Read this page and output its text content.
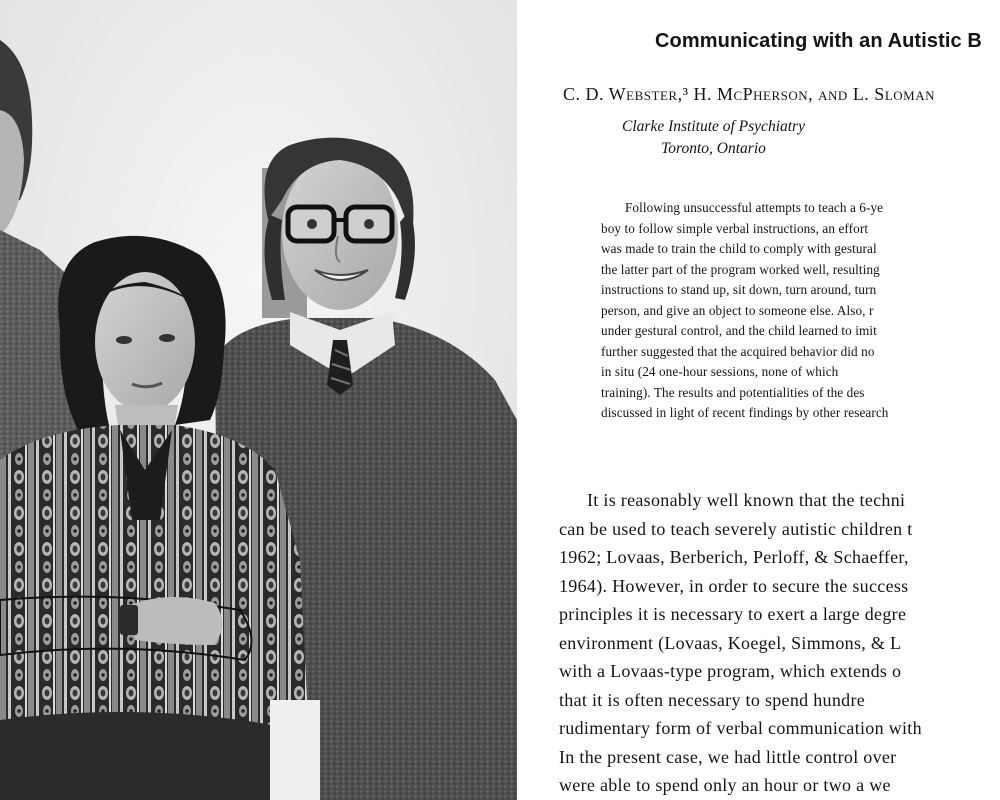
Communicating with an Autistic B
C. D. Webster,³ H. McPherson, and L. Sloman
Clarke Institute of Psychiatry
Toronto, Ontario
Following unsuccessful attempts to teach a 6-ye
boy to follow simple verbal instructions, an effort
was made to train the child to comply with gestural
the latter part of the program worked well, resulting
instructions to stand up, sit down, turn around, turn
person, and give an object to someone else. Also, r
under gestural control, and the child learned to imit
further suggested that the acquired behavior did no
in situ (24 one-hour sessions, none of which
training). The results and potentialities of the des
discussed in light of recent findings by other research
It is reasonably well known that the techni
can be used to teach severely autistic children t
1962; Lovaas, Berberich, Perloff, & Schaeffer,
1964). However, in order to secure the success
principles it is necessary to exert a large degre
environment (Lovaas, Koegel, Simmons, & L
with a Lovaas-type program, which extends o
that it is often necessary to spend hundre
rudimentary form of verbal communication with
In the present case, we had little control over
were able to spend only an hour or two a we
